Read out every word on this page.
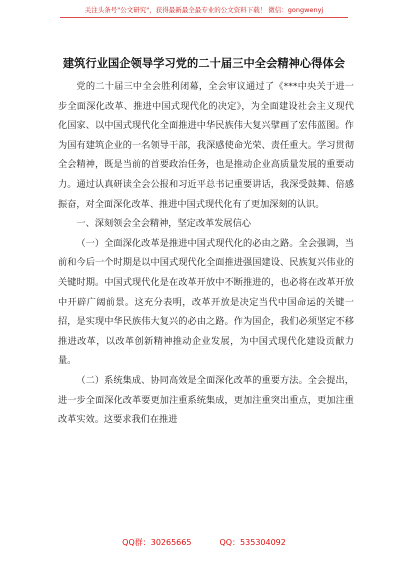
关注头条号"公文研究"，获得最新最全最专业的公文资料下载！ 微信：gongwenyj
建筑行业国企领导学习党的二十届三中全会精神心得体会

党的二十届三中全会胜利闭幕，全会审议通过了《***中央关于进一步全面深化改革、推进中国式现代化的决定》，为全面建设社会主义现代化国家、以中国式现代化全面推进中华民族伟大复兴擘画了宏伟蓝图。作为国有建筑企业的一名领导干部，我深感使命光荣、责任重大。学习贯彻全会精神，既是当前的首要政治任务，也是推动企业高质量发展的重要动力。通过认真研读全会公报和习近平总书记重要讲话，我深受鼓舞、倍感振奋，对全面深化改革、推进中国式现代化有了更加深刻的认识。

一、深刻领会全会精神，坚定改革发展信心

（一）全面深化改革是推进中国式现代化的必由之路。全会强调，当前和今后一个时期是以中国式现代化全面推进强国建设、民族复兴伟业的关键时期。中国式现代化是在改革开放中不断推进的，也必将在改革开放中开辟广阔前景。这充分表明，改革开放是决定当代中国命运的关键一招，是实现中华民族伟大复兴的必由之路。作为国企，我们必须坚定不移推进改革，以改革创新精神推动企业发展，为中国式现代化建设贡献力量。

（二）系统集成、协同高效是全面深化改革的重要方法。全会提出，进一步全面深化改革要更加注重系统集成，更加注重突出重点，更加注重改革实效。这要求我们在推进

QQ群：30265665	QQ：535304092
